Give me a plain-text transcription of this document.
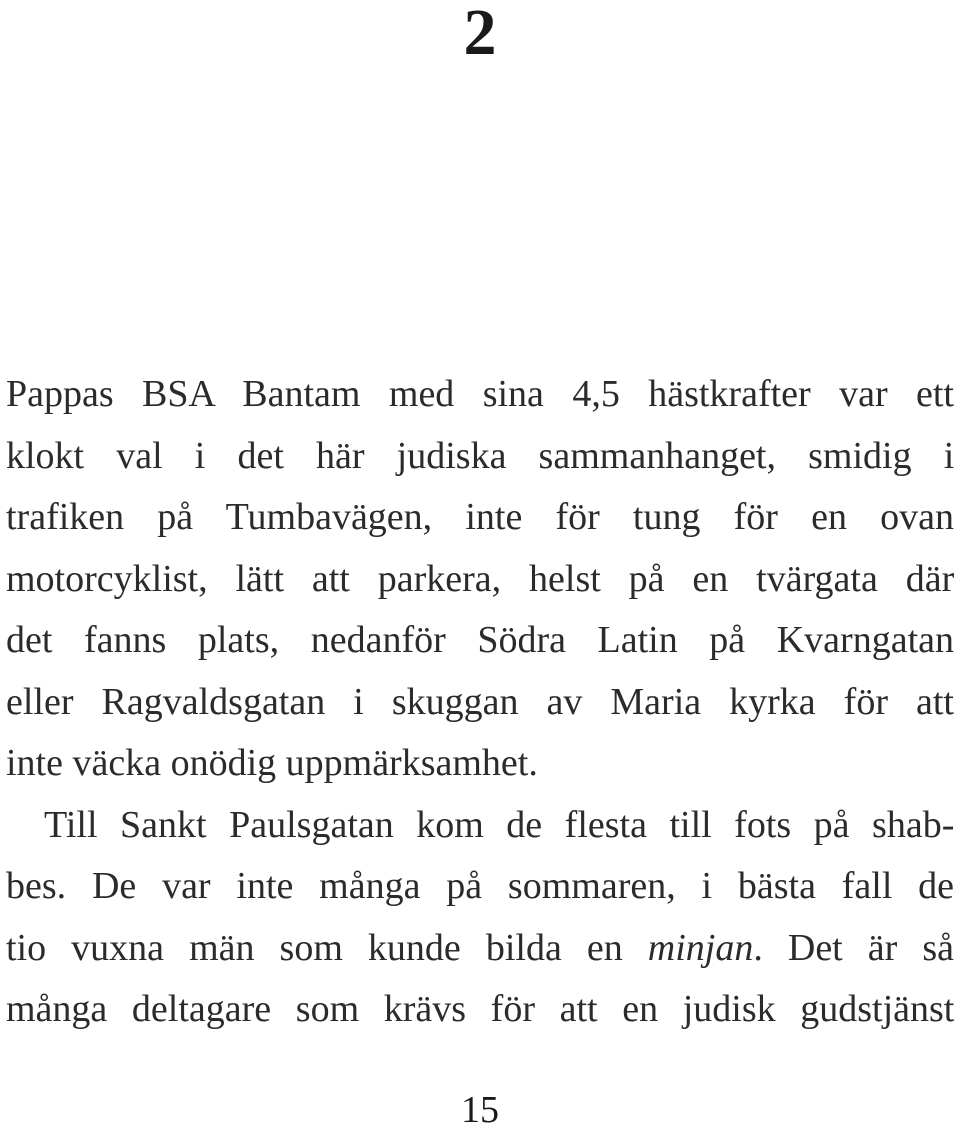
2
Pappas BSA Bantam med sina 4,5 hästkrafter var ett
klokt val i det här judiska sammanhanget, smidig i
trafiken på Tumbavägen, inte för tung för en ovan
motorcyklist, lätt att parkera, helst på en tvärgata där
det fanns plats, nedanför Södra Latin på Kvarngatan
eller Ragvaldsgatan i skuggan av Maria kyrka för att
inte väcka onödig uppmärksamhet.
Till Sankt Paulsgatan kom de flesta till fots på shab-
bes. De var inte många på sommaren, i bästa fall de
tio vuxna män som kunde bilda en minjan. Det är så
många deltagare som krävs för att en judisk gudstjänst
15
